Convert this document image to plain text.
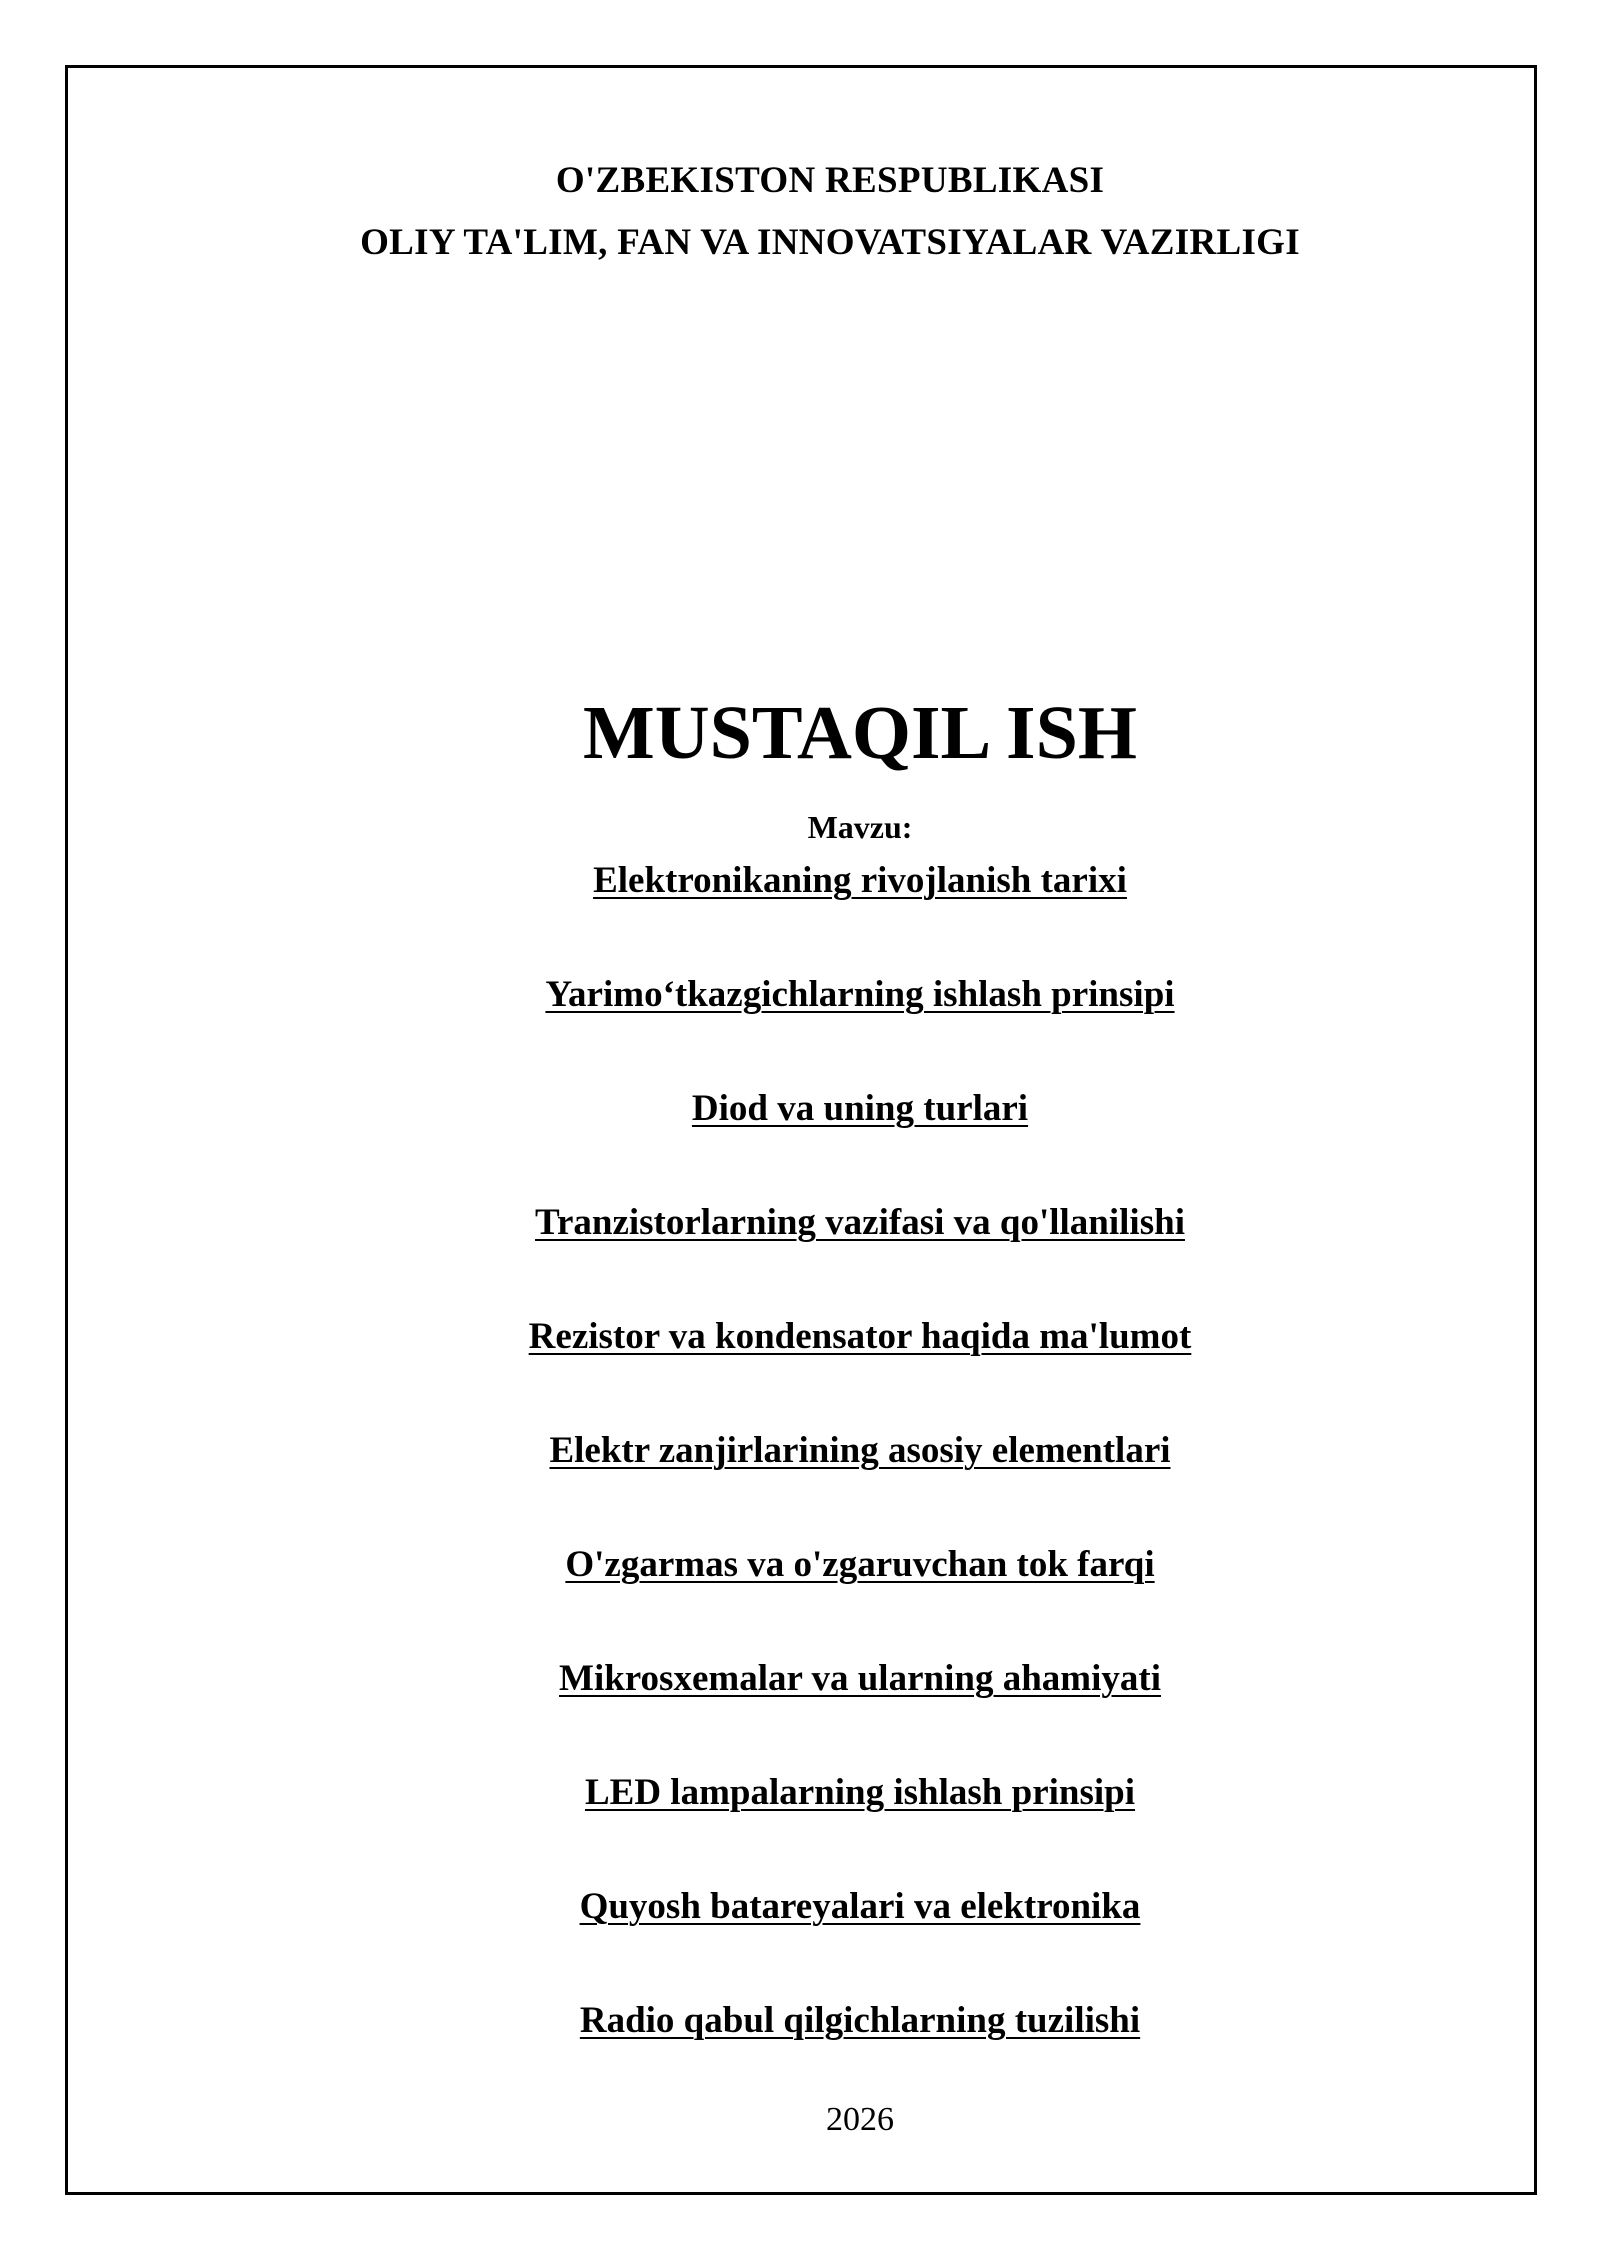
O'ZBEKISTON RESPUBLIKASI
OLIY TA'LIM, FAN VA INNOVATSIYALAR VAZIRLIGI
MUSTAQIL ISH
Mavzu:
Elektronikaning rivojlanish tarixi
Yarimo‘tkazgichlarning ishlash prinsipi
Diod va uning turlari
Tranzistorlarning vazifasi va qo'llanilishi
Rezistor va kondensator haqida ma'lumot
Elektr zanjirlarining asosiy elementlari
O'zgarmas va o'zgaruvchan tok farqi
Mikrosxemalar va ularning ahamiyati
LED lampalarning ishlash prinsipi
Quyosh batareyalari va elektronika
Radio qabul qilgichlarning tuzilishi
2026
